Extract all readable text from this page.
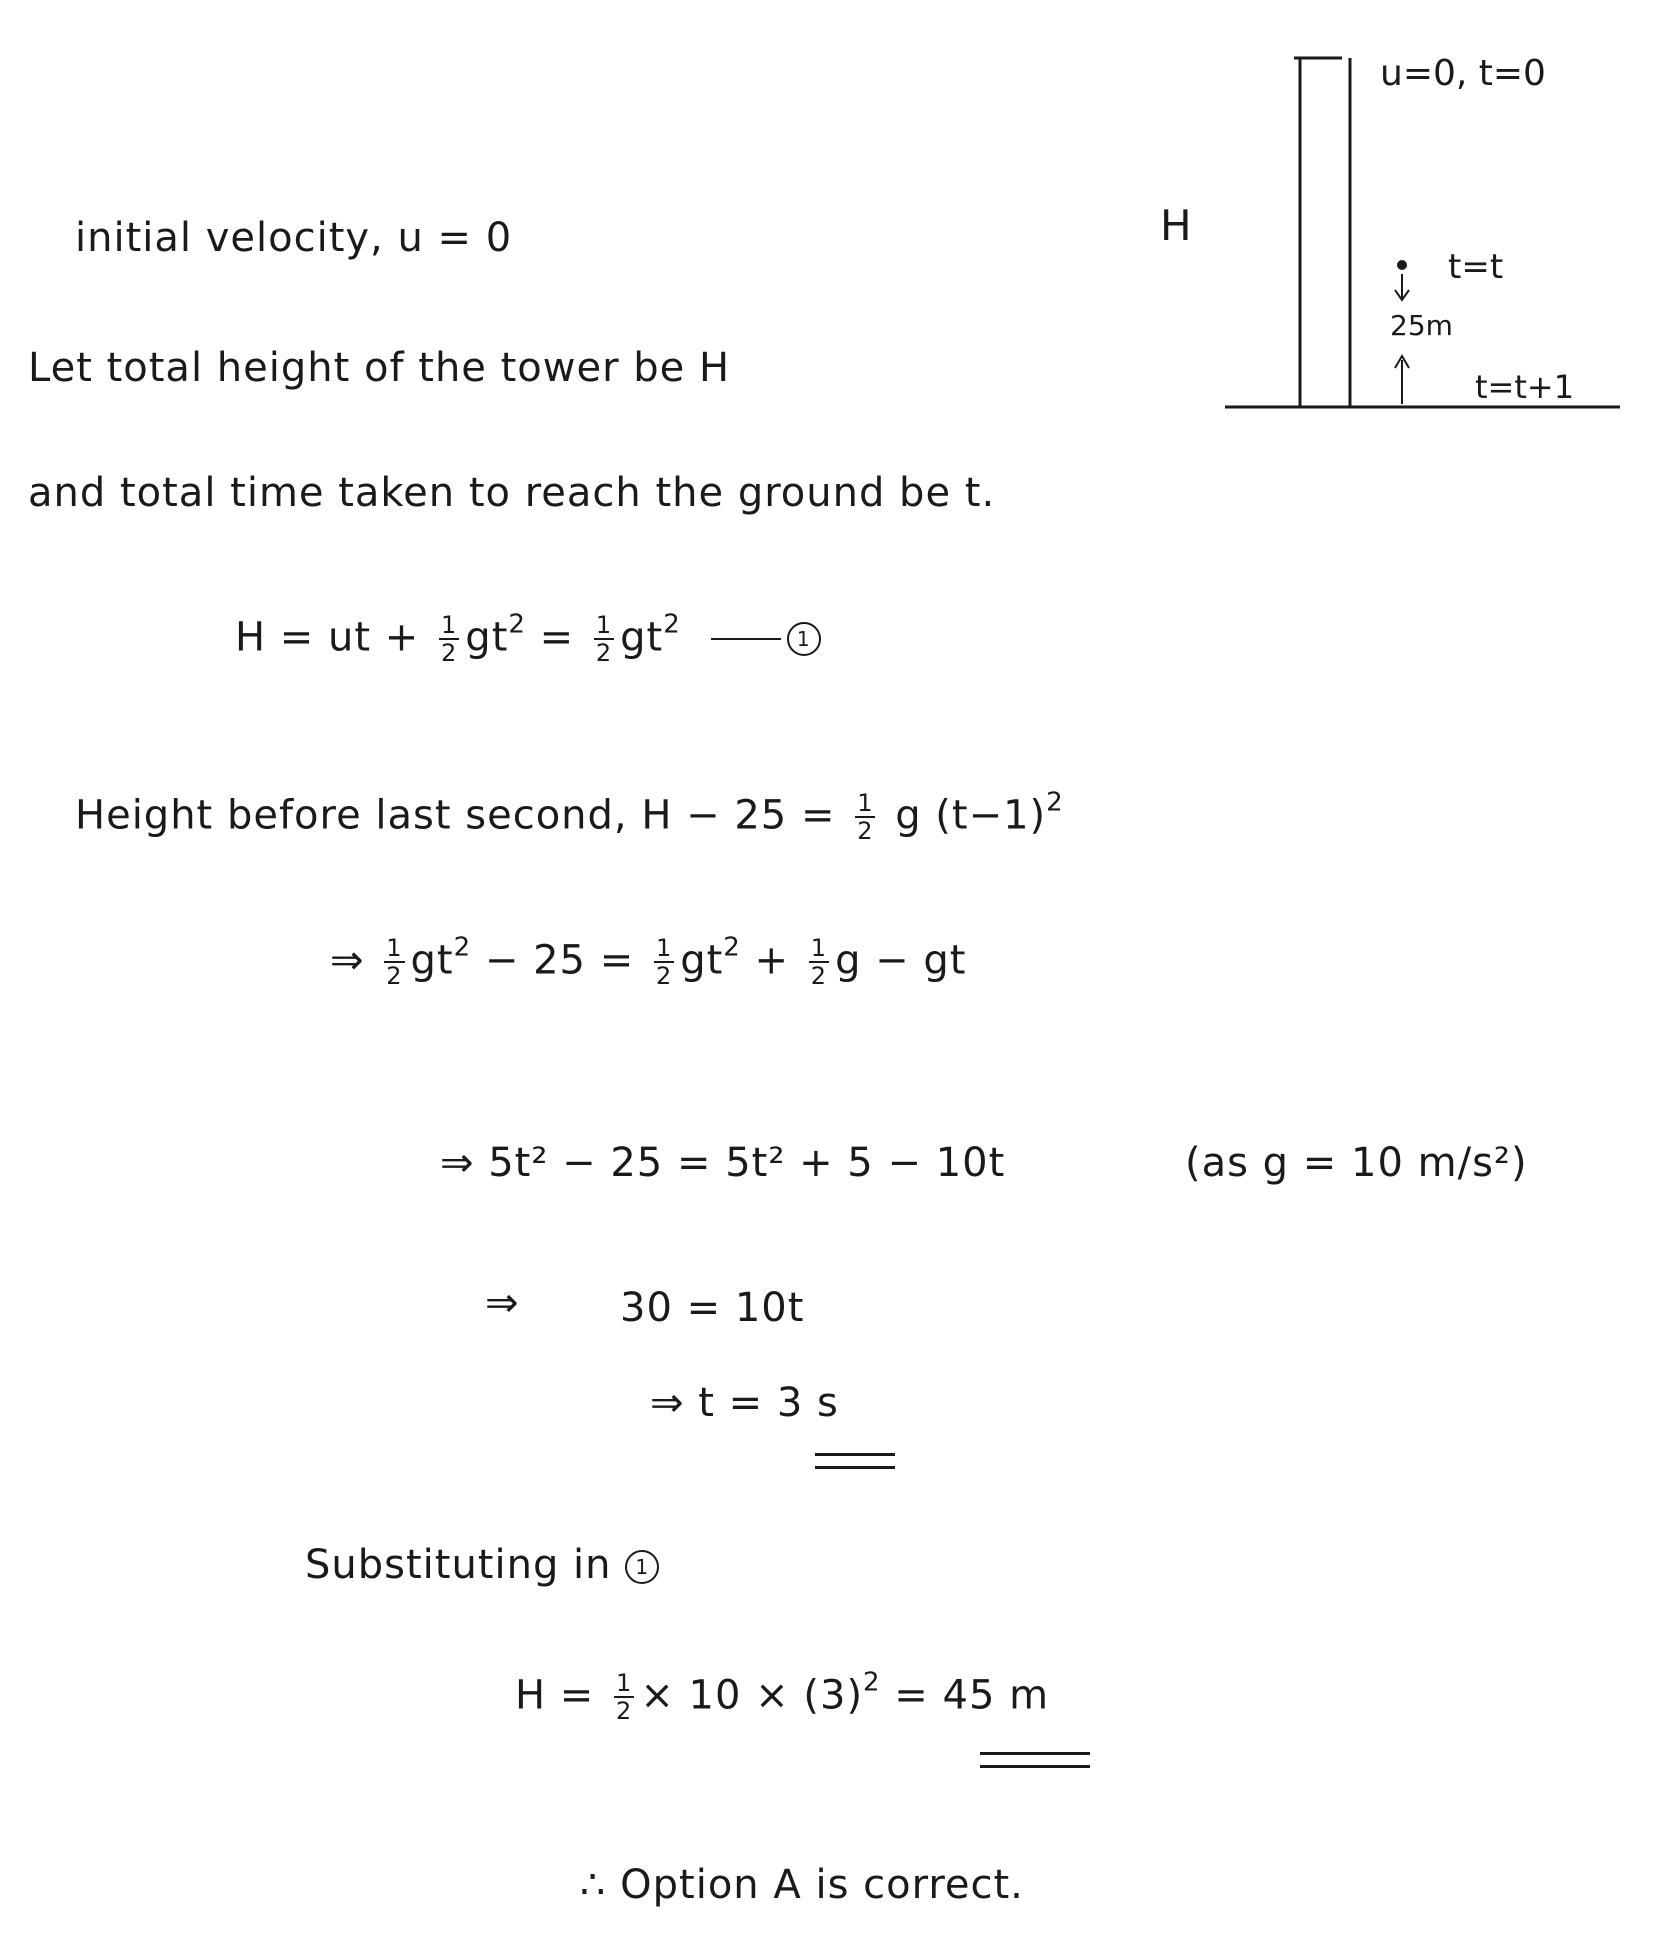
H
u=0, t=0
t=t
25m
t=t+1
initial velocity, u = 0
Let total height of the tower be H
and total time taken to reach the ground be t.
H = ut + $\frac{1}{2} gt^2 = \frac{1}{2} gt^2$	1
Height before last second, $H - 25 = \frac{1}{2}$ g $(t-1)^2$
⇒ $\frac{1}{2} gt^2 - 25 = \frac{1}{2} gt^2 + \frac{1}{2}$ g − gt
⇒ 5t² − 25 = 5t² + 5 − 10t	(as g = 10 m/s²)
⇒	30 = 10t
⇒ t = 3 s
Substituting in 1
$H = \frac{1}{2} \times 10 \times (3)^2 = 45$ m
∴ Option A is correct.
